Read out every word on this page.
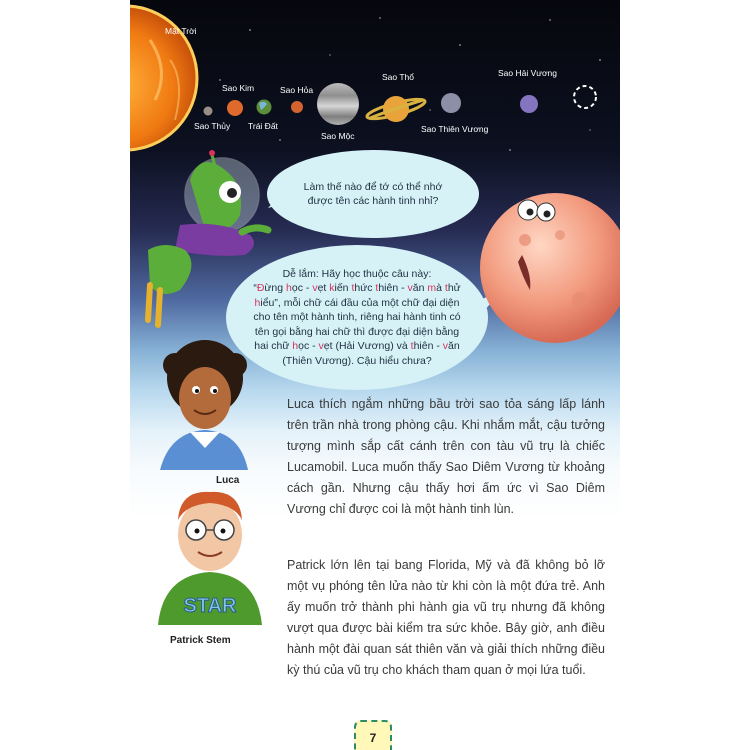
STAR
Mặt Trời
Sao Thủy
Sao Kim
Trái Đất
Sao Hỏa
Sao Mộc
Sao Thổ
Sao Thiên Vương
Sao Hải Vương
Làm thế nào để tớ có thể nhớ được tên các hành tinh nhỉ?
Dễ lắm: Hãy học thuộc câu này:
“Đừng học - vẹt kiến thức thiên - văn mà thử hiểu”, mỗi chữ cái đầu của một chữ đại diện cho tên một hành tinh, riêng hai hành tinh có tên gọi bằng hai chữ thì được đại diện bằng hai chữ học - vẹt (Hải Vương) và thiên - văn (Thiên Vương). Cậu hiểu chưa?
Luca
Patrick Stem

Luca thích ngắm những bầu trời sao tỏa sáng lấp lánh trên trần nhà trong phòng cậu. Khi nhắm mắt, cậu tưởng tượng mình sắp cất cánh trên con tàu vũ trụ là chiếc Lucamobil. Luca muốn thấy Sao Diêm Vương từ khoảng cách gần. Nhưng cậu thấy hơi ấm ức vì Sao Diêm Vương chỉ được coi là một hành tinh lùn.

Patrick lớn lên tại bang Florida, Mỹ và đã không bỏ lỡ một vụ phóng tên lửa nào từ khi còn là một đứa trẻ. Anh ấy muốn trở thành phi hành gia vũ trụ nhưng đã không vượt qua được bài kiểm tra sức khỏe. Bây giờ, anh điều hành một đài quan sát thiên văn và giải thích những điều kỳ thú của vũ trụ cho khách tham quan ở mọi lứa tuổi.

7
